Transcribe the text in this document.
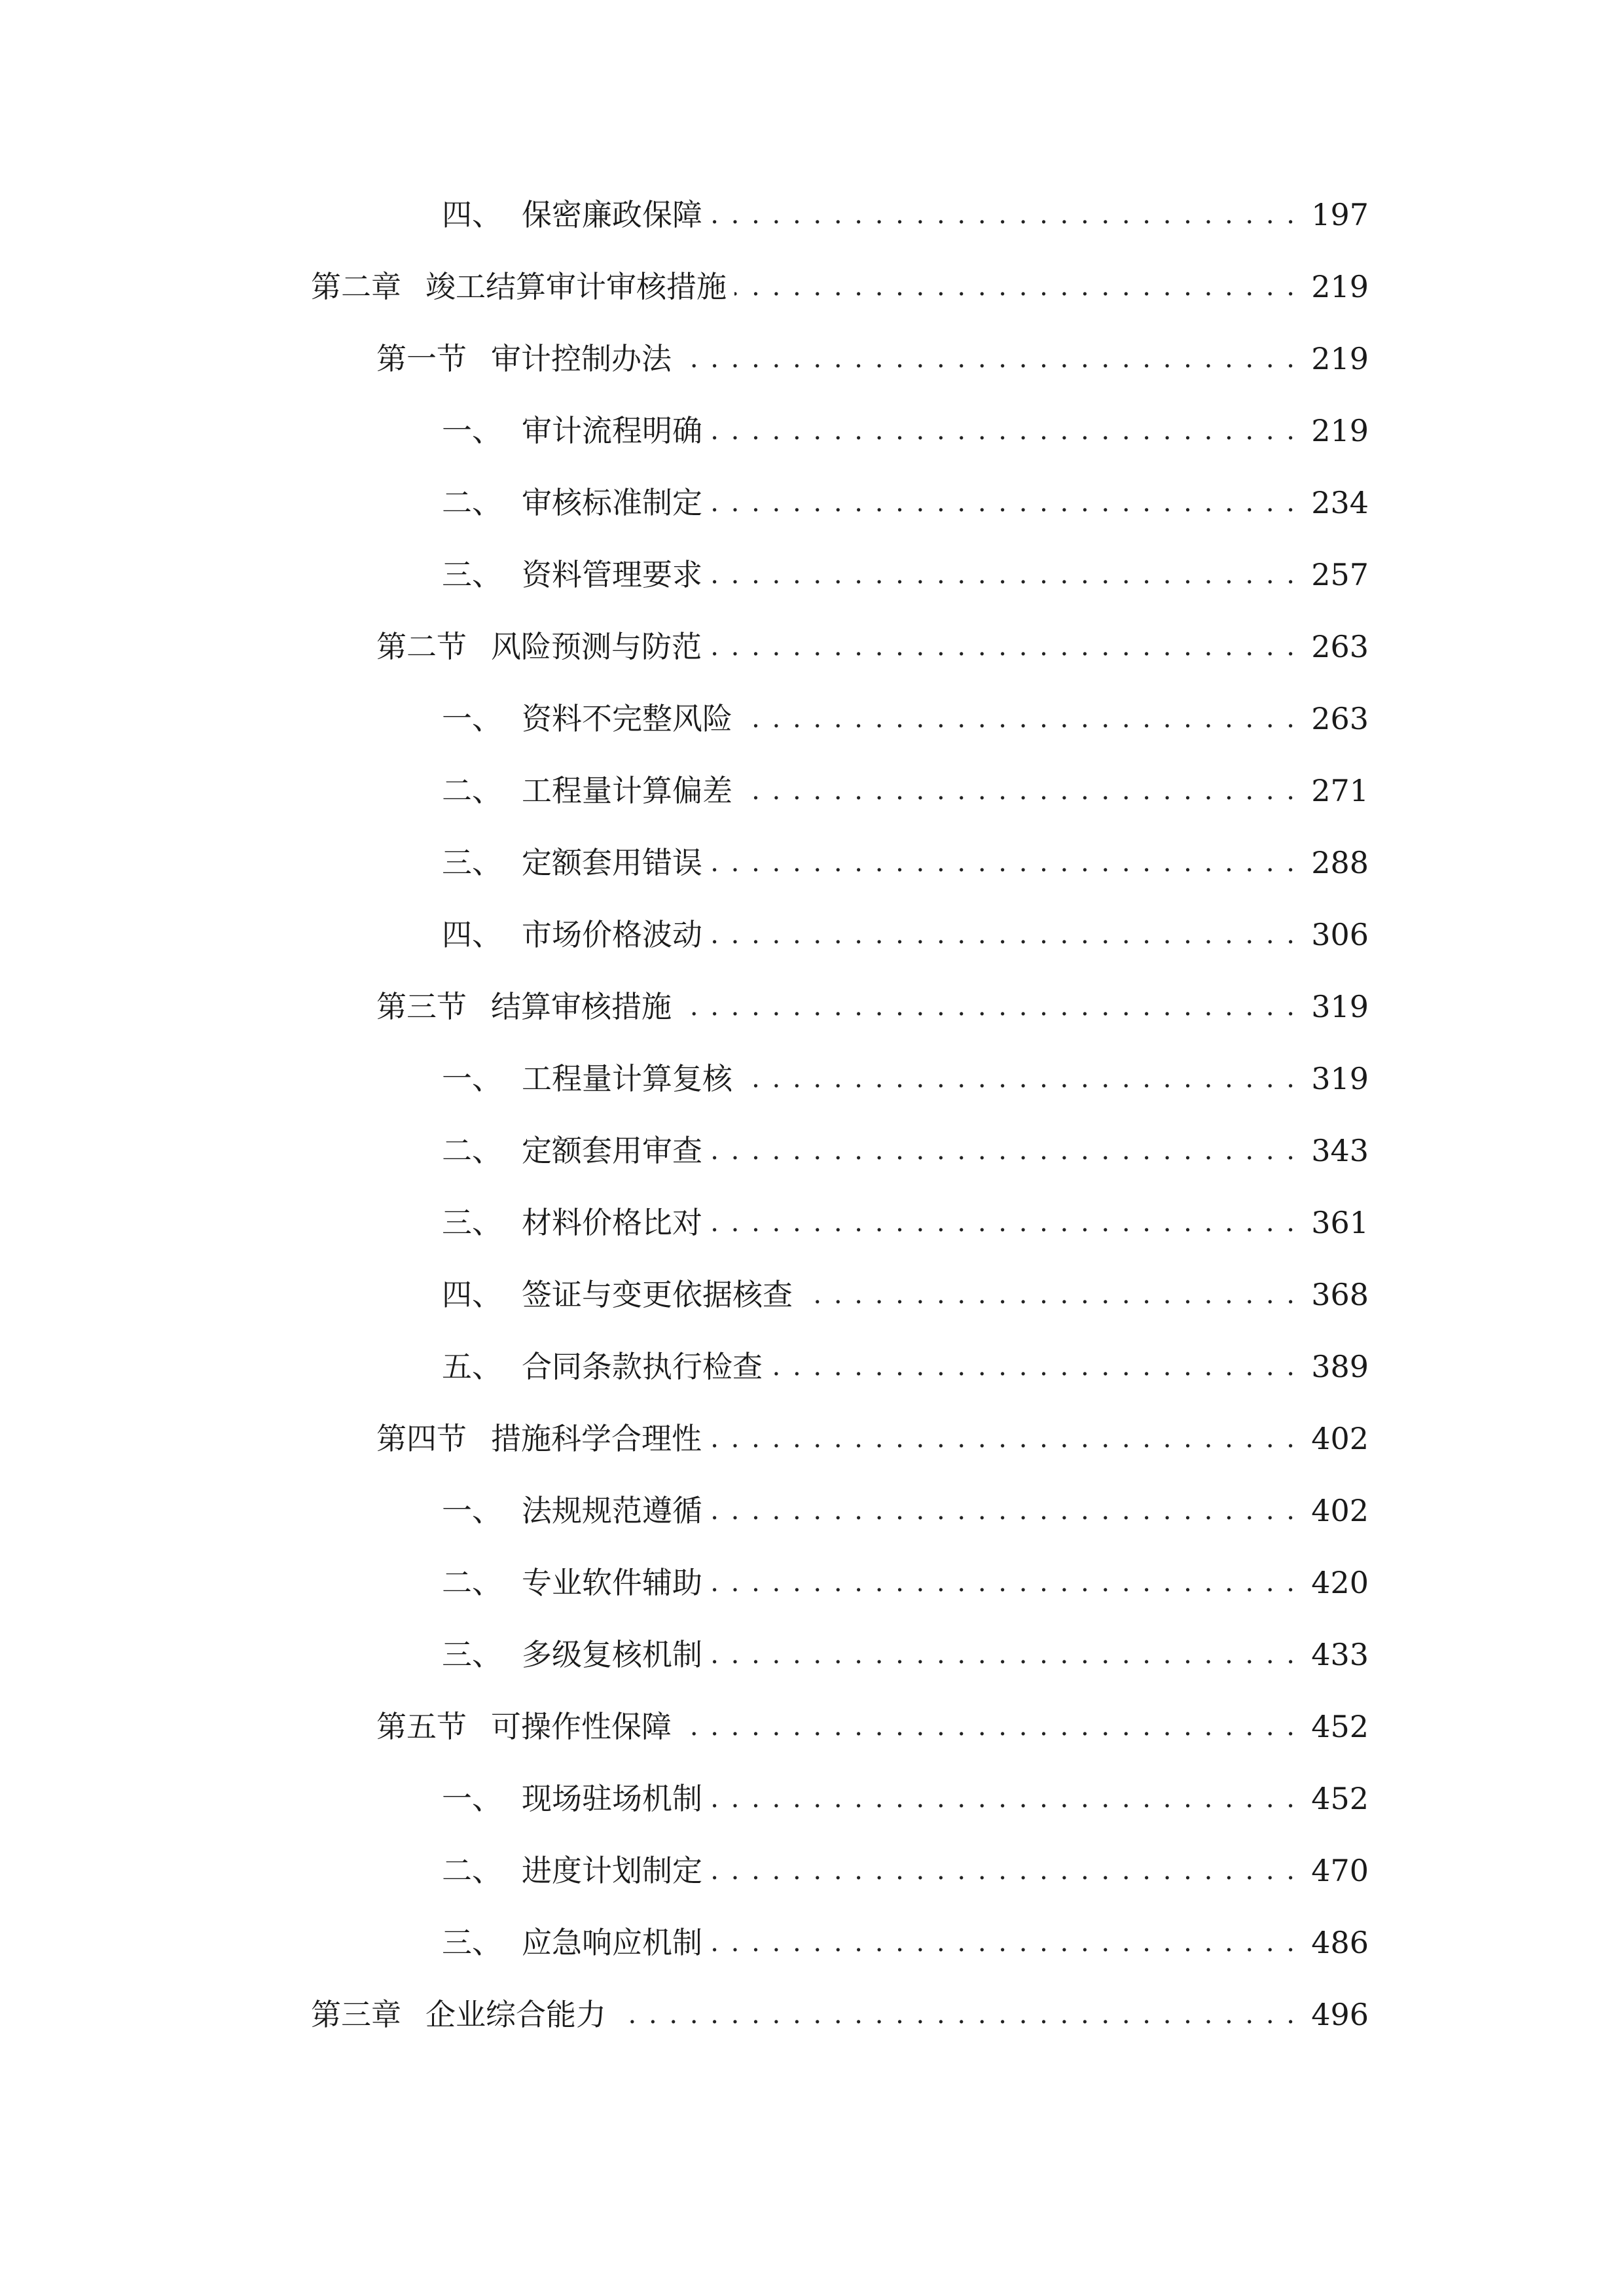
四、 保密廉政保障 . . .	197
第二章 竣工结算审计审核措施 . . .	219
第一节 审计控制办法 . . .	219
一、 审计流程明确 . . .	219
二、 审核标准制定 . . .	234
三、 资料管理要求 . . .	257
第二节 风险预测与防范 . . .	263
一、 资料不完整风险 . . .	263
二、 工程量计算偏差 . . .	271
三、 定额套用错误 . . .	288
四、 市场价格波动 . . .	306
第三节 结算审核措施 . . .	319
一、 工程量计算复核 . . .	319
二、 定额套用审查 . . .	343
三、 材料价格比对 . . .	361
四、 签证与变更依据核查 . . .	368
五、 合同条款执行检查 . . .	389
第四节 措施科学合理性 . . .	402
一、 法规规范遵循 . . .	402
二、 专业软件辅助 . . .	420
三、 多级复核机制 . . .	433
第五节 可操作性保障 . . .	452
一、 现场驻场机制 . . .	452
二、 进度计划制定 . . .	470
三、 应急响应机制 . . .	486
第三章 企业综合能力 . . .	496
